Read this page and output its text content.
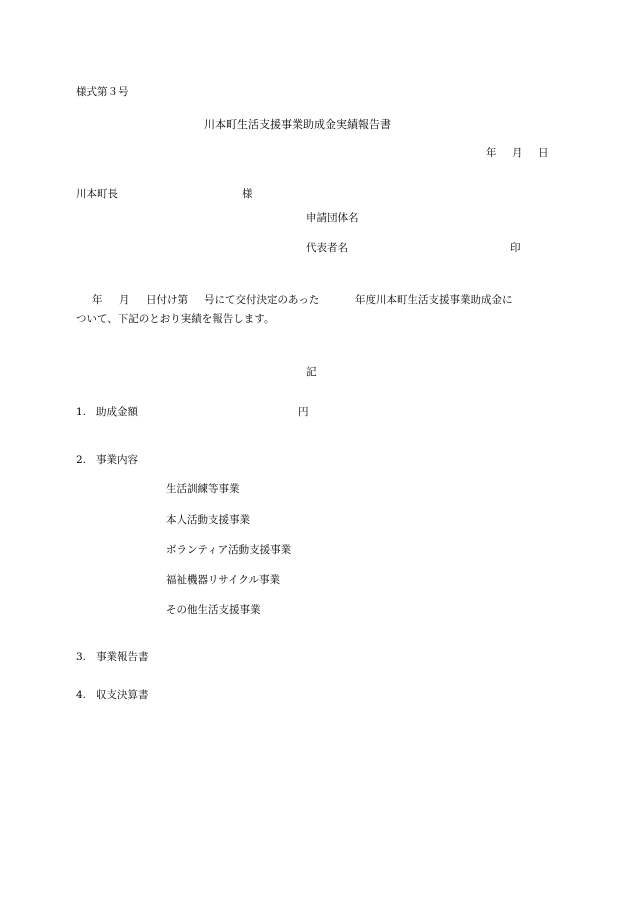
様式第３号
川本町生活支援事業助成金実績報告書
年 月 日
川本町長	様
申請団体名
代表者名	印
年 月 日付け第 号にて交付決定のあった	年度川本町生活支援事業助成金に
ついて、下記のとおり実績を報告します。
記
1. 助成金額	円
2. 事業内容
生活訓練等事業
本人活動支援事業
ボランティア活動支援事業
福祉機器リサイクル事業
その他生活支援事業
3. 事業報告書
4. 収支決算書
